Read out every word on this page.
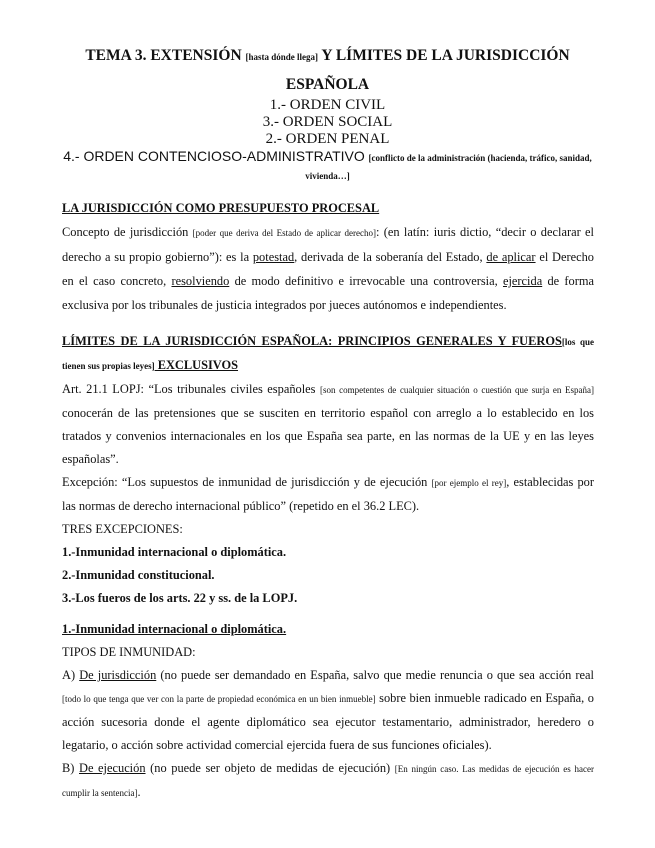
TEMA 3. EXTENSIÓN [hasta dónde llega] Y LÍMITES DE LA JURISDICCIÓN ESPAÑOLA
1.- ORDEN CIVIL
3.- ORDEN SOCIAL
2.- ORDEN PENAL
4.- ORDEN CONTENCIOSO-ADMINISTRATIVO [conflicto de la administración (hacienda, tráfico, sanidad, vivienda…]

LA JURISDICCIÓN COMO PRESUPUESTO PROCESAL

Concepto de jurisdicción [poder que deriva del Estado de aplicar derecho]: (en latín: iuris dictio, “decir o declarar el derecho a su propio gobierno”): es la potestad, derivada de la soberanía del Estado, de aplicar el Derecho en el caso concreto, resolviendo de modo definitivo e irrevocable una controversia, ejercida de forma exclusiva por los tribunales de justicia integrados por jueces autónomos e independientes.

LÍMITES DE LA JURISDICCIÓN ESPAÑOLA: PRINCIPIOS GENERALES Y FUEROS[los que tienen sus propias leyes] EXCLUSIVOS

Art. 21.1 LOPJ: “Los tribunales civiles españoles [son competentes de cualquier situación o cuestión que surja en España] conocerán de las pretensiones que se susciten en territorio español con arreglo a lo establecido en los tratados y convenios internacionales en los que España sea parte, en las normas de la UE y en las leyes españolas”.

Excepción: “Los supuestos de inmunidad de jurisdicción y de ejecución [por ejemplo el rey], establecidas por las normas de derecho internacional público” (repetido en el 36.2 LEC).

TRES EXCEPCIONES:

1.-Inmunidad internacional o diplomática.

2.-Inmunidad constitucional.

3.-Los fueros de los arts. 22 y ss. de la LOPJ.

1.-Inmunidad internacional o diplomática.

TIPOS DE INMUNIDAD:

A) De jurisdicción (no puede ser demandado en España, salvo que medie renuncia o que sea acción real [todo lo que tenga que ver con la parte de propiedad económica en un bien inmueble] sobre bien inmueble radicado en España, o acción sucesoria donde el agente diplomático sea ejecutor testamentario, administrador, heredero o legatario, o acción sobre actividad comercial ejercida fuera de sus funciones oficiales).

B) De ejecución (no puede ser objeto de medidas de ejecución) [En ningún caso. Las medidas de ejecución es hacer cumplir la sentencia].
